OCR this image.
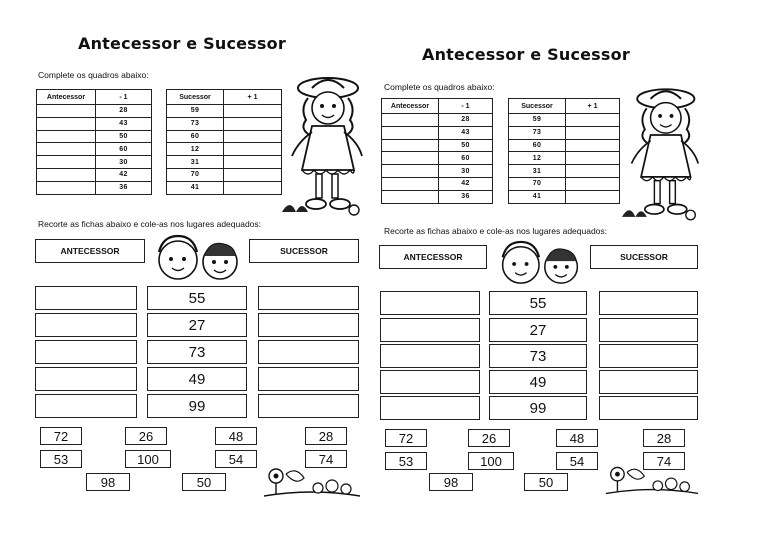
Antecessor e Sucessor
Complete os quadros abaixo:
Antecessor	- 1
	28
	43
	50
	60
	30
	42
	36
Sucessor	+ 1
59	
73	
60	
12	
31	
70	
41	
Recorte as fichas abaixo e cole-as nos lugares adequados:
ANTECESSOR	SUCESSOR
55
27
73
49
99
72	26	48	28
53	100	54	74
98	50
Antecessor e Sucessor
Complete os quadros abaixo:
Antecessor	- 1
	28
	43
	50
	60
	30
	42
	36
Sucessor	+ 1
59	
73	
60	
12	
31	
70	
41	
Recorte as fichas abaixo e cole-as nos lugares adequados:
ANTECESSOR	SUCESSOR
55
27
73
49
99
72	26	48	28
53	100	54	74
98	50
